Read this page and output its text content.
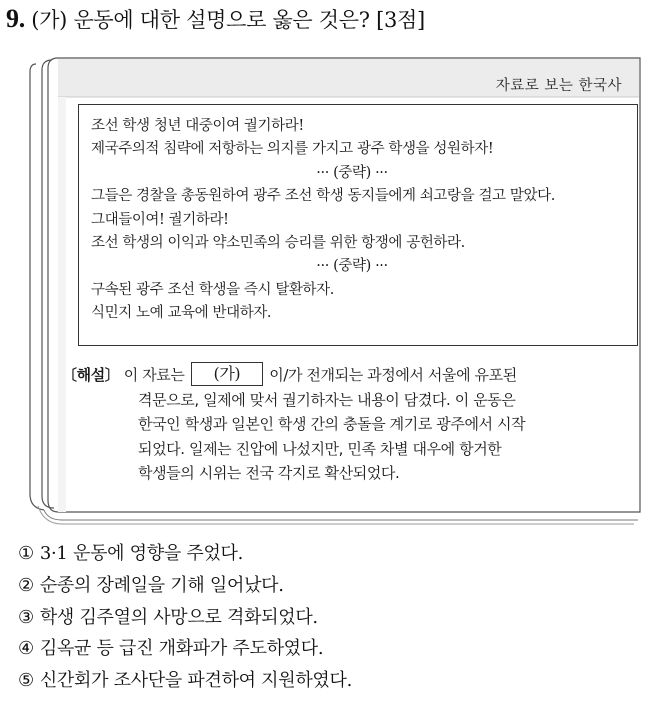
9. (가) 운동에 대한 설명으로 옳은 것은? [3점]
자료로 보는 한국사
조선 학생 청년 대중이여 궐기하라!
제국주의적 침략에 저항하는 의지를 가지고 광주 학생을 성원하자!
··· (중략) ···
그들은 경찰을 총동원하여 광주 조선 학생 동지들에게 쇠고랑을 걸고 말았다.
그대들이여! 궐기하라!
조선 학생의 이익과 약소민족의 승리를 위한 항쟁에 공헌하라.
··· (중략) ···
구속된 광주 조선 학생을 즉시 탈환하자.
식민지 노예 교육에 반대하자.
〔해설〕 이 자료는 (가) 이/가 전개되는 과정에서 서울에 유포된
격문으로, 일제에 맞서 궐기하자는 내용이 담겼다. 이 운동은
한국인 학생과 일본인 학생 간의 충돌을 계기로 광주에서 시작
되었다. 일제는 진압에 나섰지만, 민족 차별 대우에 항거한
학생들의 시위는 전국 각지로 확산되었다.
① 3·1 운동에 영향을 주었다.
② 순종의 장례일을 기해 일어났다.
③ 학생 김주열의 사망으로 격화되었다.
④ 김옥균 등 급진 개화파가 주도하였다.
⑤ 신간회가 조사단을 파견하여 지원하였다.
